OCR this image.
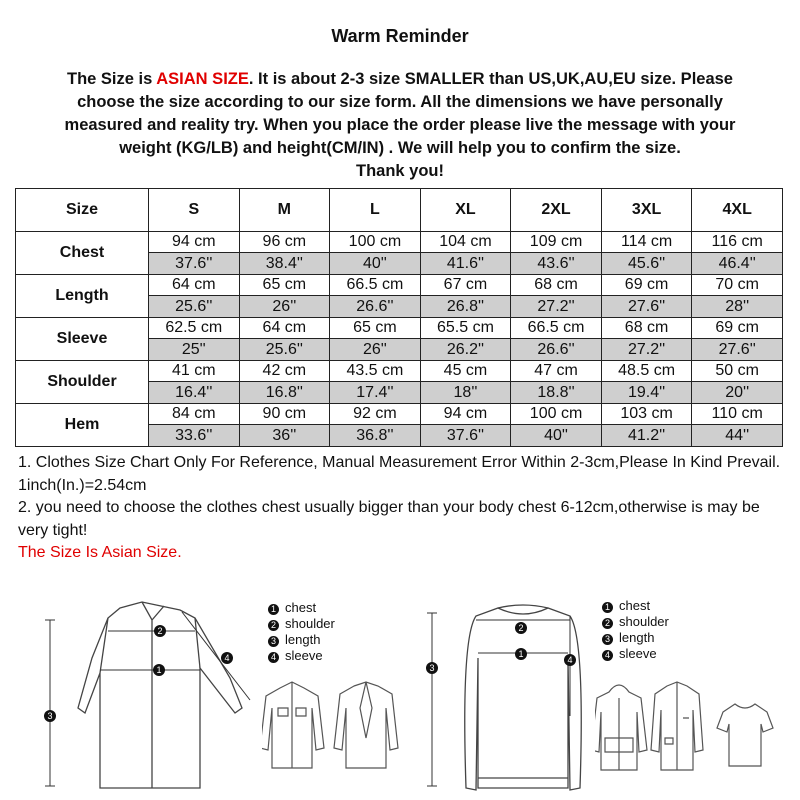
Warm Reminder
The Size is ASIAN SIZE. It is about 2-3 size SMALLER than US,UK,AU,EU size. Please choose the size according to our size form. All the dimensions we have personally measured and reality try. When you place the order please live the message with your weight (KG/LB) and height(CM/IN) . We will help you to confirm the size.
Thank you!
Size	S	M	L	XL	2XL	3XL	4XL
Chest	94 cm	96 cm	100 cm	104 cm	109 cm	114 cm	116 cm
	37.6''	38.4''	40''	41.6''	43.6''	45.6''	46.4''
Length	64 cm	65 cm	66.5 cm	67 cm	68 cm	69 cm	70 cm
	25.6''	26''	26.6''	26.8''	27.2''	27.6''	28''
Sleeve	62.5 cm	64 cm	65 cm	65.5 cm	66.5 cm	68 cm	69 cm
	25''	25.6''	26''	26.2''	26.6''	27.2''	27.6''
Shoulder	41 cm	42 cm	43.5 cm	45 cm	47 cm	48.5 cm	50 cm
	16.4''	16.8''	17.4''	18''	18.8''	19.4''	20''
Hem	84 cm	90 cm	92 cm	94 cm	100 cm	103 cm	110 cm
	33.6''	36''	36.8''	37.6''	40''	41.2''	44''
1. Clothes Size Chart Only For Reference, Manual Measurement Error Within 2-3cm,Please In Kind Prevail. 1inch(In.)=2.54cm
2. you need to choose the clothes chest usually bigger than your body chest 6-12cm,otherwise is may be very tight!
The Size Is Asian Size.
1
2
3
4
1 chest
2 shoulder
3 length
4 sleeve	1
2
3
4
1 chest
2 shoulder
3 length
4 sleeve
